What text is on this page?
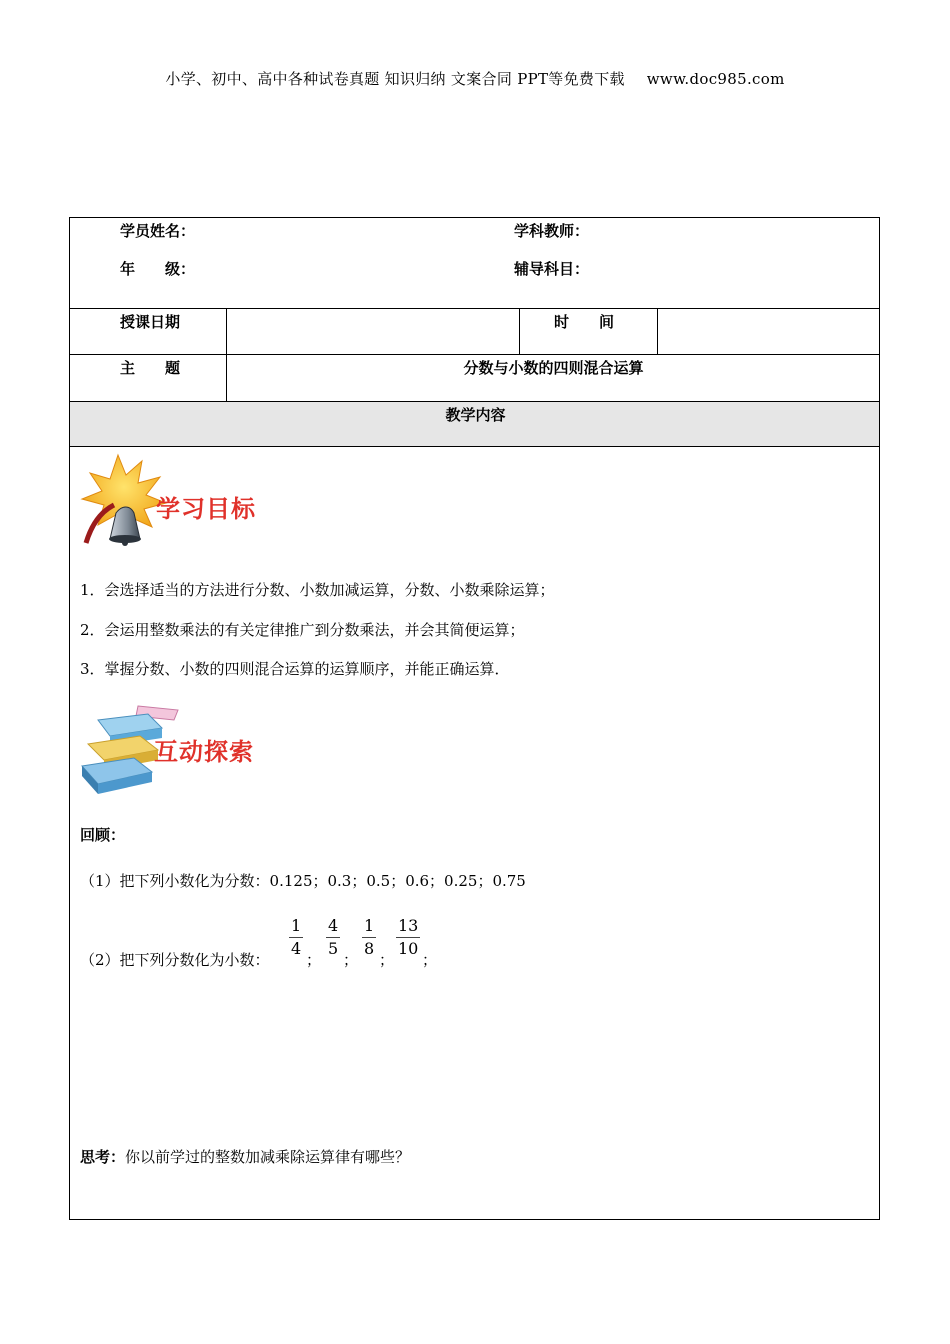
小学、初中、高中各种试卷真题 知识归纳 文案合同 PPT等免费下载 www.doc985.com
学员姓名：	学科教师：
年　　级：	辅导科目：
授课日期	时　　间
主　　题	分数与小数的四则混合运算
教学内容
学习目标
1．会选择适当的方法进行分数、小数加减运算，分数、小数乘除运算；
2．会运用整数乘法的有关定律推广到分数乘法，并会其简便运算；
3．掌握分数、小数的四则混合运算的运算顺序，并能正确运算．
互动探索
回顾：
（1）把下列小数化为分数：0.125；0.3；0.5；0.6；0.25；0.75
（2）把下列分数化为小数：
1
4
；
4
5
；
1
8
；
13
10
；
思考：你以前学过的整数加减乘除运算律有哪些？
